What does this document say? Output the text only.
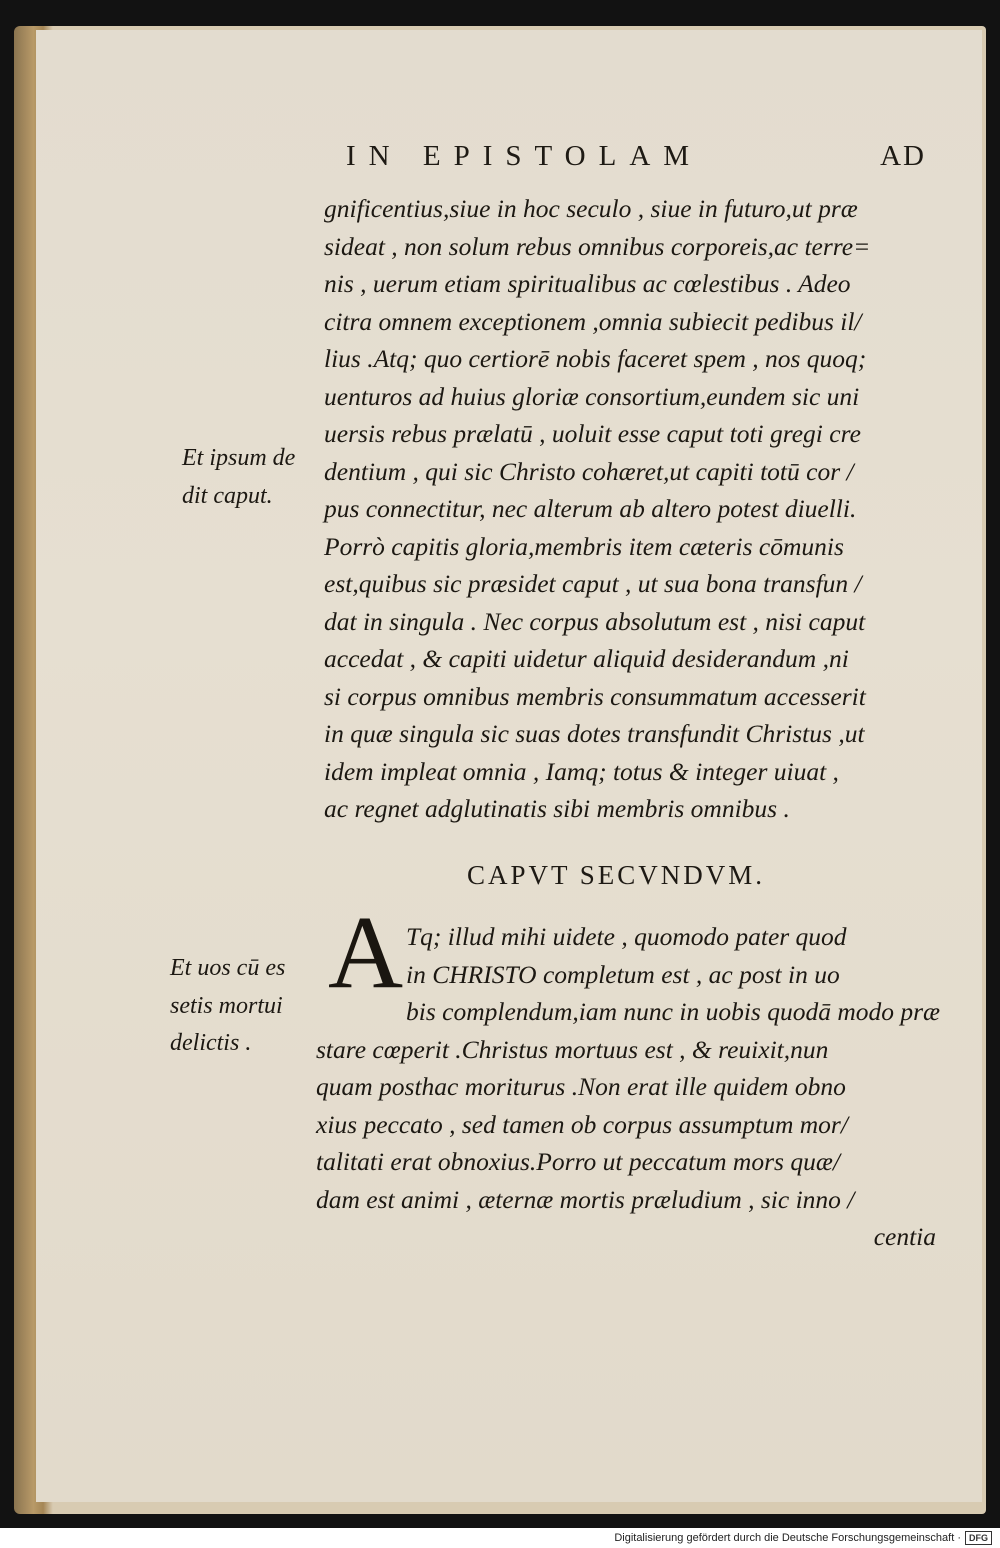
IN EPISTOLAM	AD
Et ipsum de
dit caput.
gnificentius,siue in hoc seculo , siue in futuro,ut præ
sideat , non solum rebus omnibus corporeis,ac terre=
nis , uerum etiam spiritualibus ac cœlestibus . Adeo
citra omnem exceptionem ,omnia subiecit pedibus il/
lius .Atq; quo certiorē nobis faceret spem , nos quoq;
uenturos ad huius gloriæ consortium,eundem sic uni
uersis rebus prælatū , uoluit esse caput toti gregi cre
dentium , qui sic Christo cohæret,ut capiti totū cor /
pus connectitur, nec alterum ab altero potest diuelli.
Porrò capitis gloria,membris item cæteris cōmunis
est,quibus sic præsidet caput , ut sua bona transfun /
dat in singula . Nec corpus absolutum est , nisi caput
accedat , & capiti uidetur aliquid desiderandum ,ni
si corpus omnibus membris consummatum accesserit
in quæ singula sic suas dotes transfundit Christus ,ut
idem impleat omnia , Iamq; totus & integer uiuat ,
ac regnet adglutinatis sibi membris omnibus .
CAPVT SECVNDVM.
A
Et uos cū es
setis mortui
delictis .
Tq; illud mihi uidete , quomodo pater quod
in CHRISTO completum est , ac post in uo
bis complendum,iam nunc in uobis quodā modo præ
stare cœperit .Christus mortuus est , & reuixit,nun
quam posthac moriturus .Non erat ille quidem obno
xius peccato , sed tamen ob corpus assumptum mor/
talitati erat obnoxius.Porro ut peccatum mors quæ/
dam est animi , æternæ mortis præludium , sic inno /
centia
Digitalisierung gefördert durch die Deutsche Forschungsgemeinschaft · DFG
